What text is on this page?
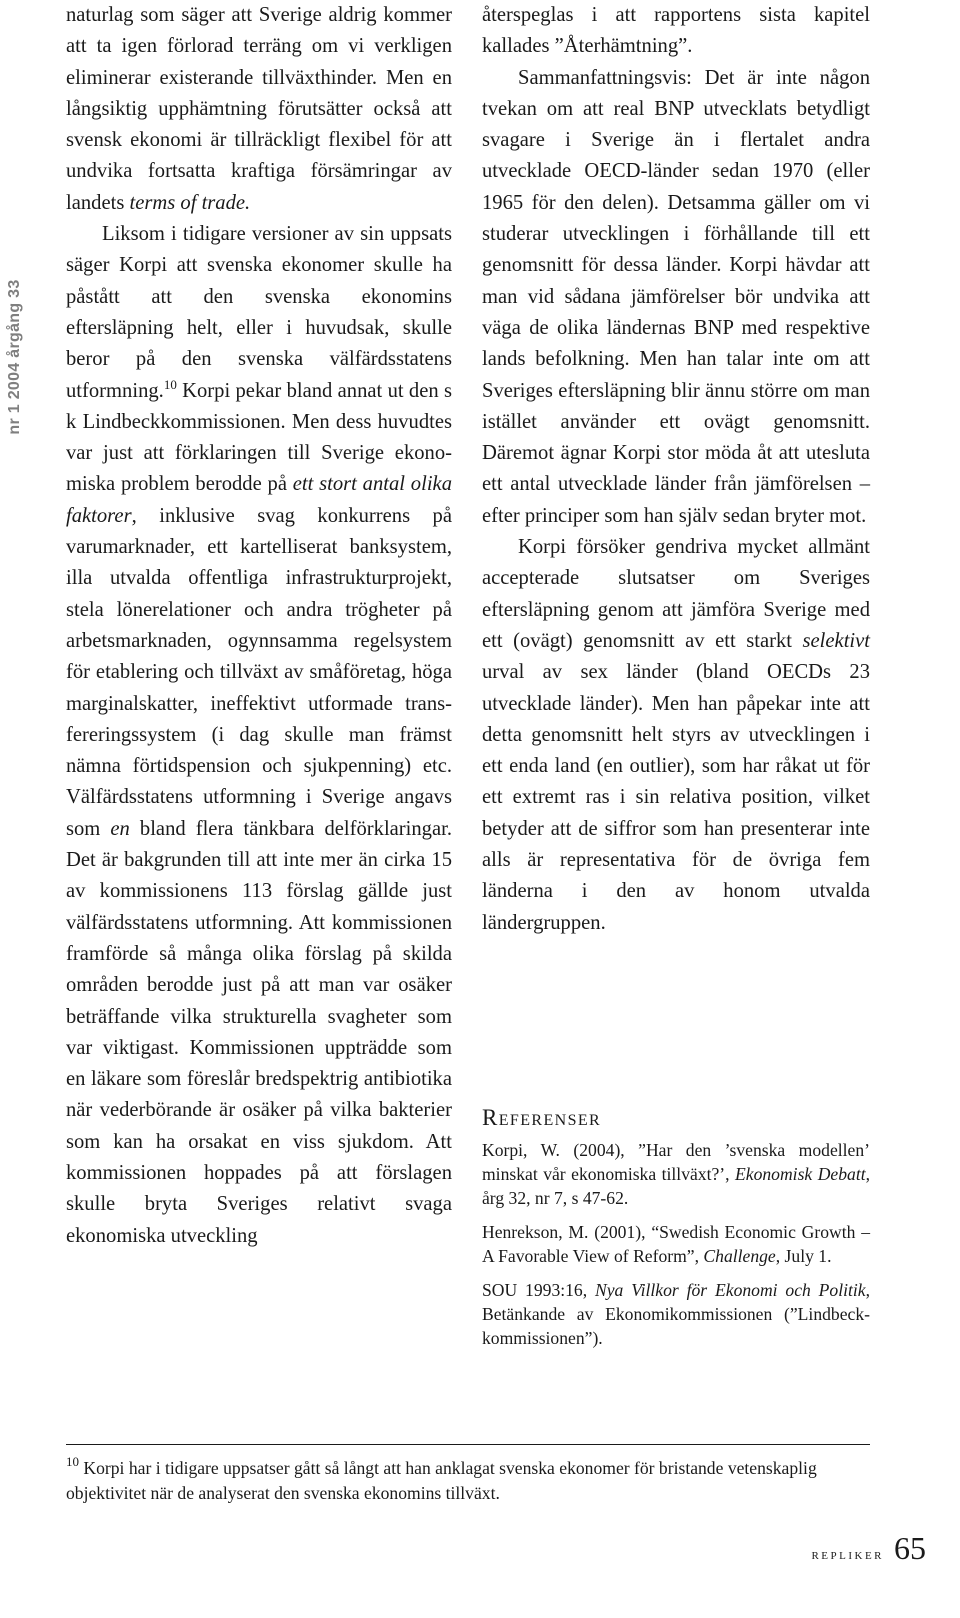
nr 1 2004 årgång 33

naturlag som säger att Sverige aldrig kommer att ta igen förlorad terräng om vi verkligen eliminerar existerande tillväxthinder. Men en långsiktig upphämtning förutsätter också att svensk ekonomi är tillräckligt flexibel för att undvika fortsatta kraftiga försämringar av landets terms of trade.

Liksom i tidigare versioner av sin uppsats säger Korpi att svenska ekonomer skulle ha påstått att den svenska ekonomins eftersläpning helt, eller i huvudsak, skulle beror på den svenska välfärdsstatens utformning.$^{10}$ Korpi pekar bland annat ut den s k Lindbeckkommissionen. Men dess huvudtes var just att förklaringen till Sverige ekonomiska problem berodde på ett stort antal olika faktorer, inklusive svag konkurrens på varumarknader, ett kartelliserat banksystem, illa utvalda offentliga infrastrukturprojekt, stela lönerelationer och andra trögheter på arbetsmarknaden, ogynnsamma regelsystem för etablering och tillväxt av småföretag, höga marginalskatter, ineffektivt utformade transfereringssystem (i dag skulle man främst nämna förtidspension och sjukpenning) etc. Välfärdsstatens utformning i Sverige angavs som en bland flera tänkbara delförklaringar. Det är bakgrunden till att inte mer än cirka 15 av kommissionens 113 förslag gällde just välfärdsstatens utformning. Att kommissionen framförde så många olika förslag på skilda områden berodde just på att man var osäker beträffande vilka strukturella svagheter som var viktigast. Kommissionen uppträdde som en läkare som föreslår bredspektrig antibiotika när vederbörande är osäker på vilka bakterier som kan ha orsakat en viss sjukdom. Att kommissionen hoppades på att förslagen skulle bryta Sveriges relativt svaga ekonomiska utveckling

återspeglas i att rapportens sista kapitel kallades ”Återhämtning”.

Sammanfattningsvis: Det är inte någon tvekan om att real BNP utvecklats betydligt svagare i Sverige än i flertalet andra utvecklade OECD-länder sedan 1970 (eller 1965 för den delen). Detsamma gäller om vi studerar utvecklingen i förhållande till ett genomsnitt för dessa länder. Korpi hävdar att man vid sådana jämförelser bör undvika att väga de olika ländernas BNP med respektive lands befolkning. Men han talar inte om att Sveriges eftersläpning blir ännu större om man istället använder ett ovägt genomsnitt. Däremot ägnar Korpi stor möda åt att utesluta ett antal utvecklade länder från jämförelsen – efter principer som han själv sedan bryter mot.

Korpi försöker gendriva mycket allmänt accepterade slutsatser om Sveriges eftersläpning genom att jämföra Sverige med ett (ovägt) genomsnitt av ett starkt selektivt urval av sex länder (bland OECDs 23 utvecklade länder). Men han påpekar inte att detta genomsnitt helt styrs av utvecklingen i ett enda land (en outlier), som har råkat ut för ett extremt ras i sin relativa position, vilket betyder att de siffror som han presenterar inte alls är representativa för de övriga fem länderna i den av honom utvalda ländergruppen.

Referenser

Korpi, W. (2004), ”Har den ’svenska modellen’ minskat vår ekonomiska tillväxt?’, Ekonomisk Debatt, årg 32, nr 7, s 47-62.

Henrekson, M. (2001), “Swedish Economic Growth – A Favorable View of Reform”, Challenge, July 1.

SOU 1993:16, Nya Villkor för Ekonomi och Politik, Betänkande av Ekonomikommissionen (”Lindbeck-kommissionen”).

$^{10}$ Korpi har i tidigare uppsatser gått så långt att han anklagat svenska ekonomer för bristande vetenskaplig objektivitet när de analyserat den svenska ekonomins tillväxt.

repliker 65
